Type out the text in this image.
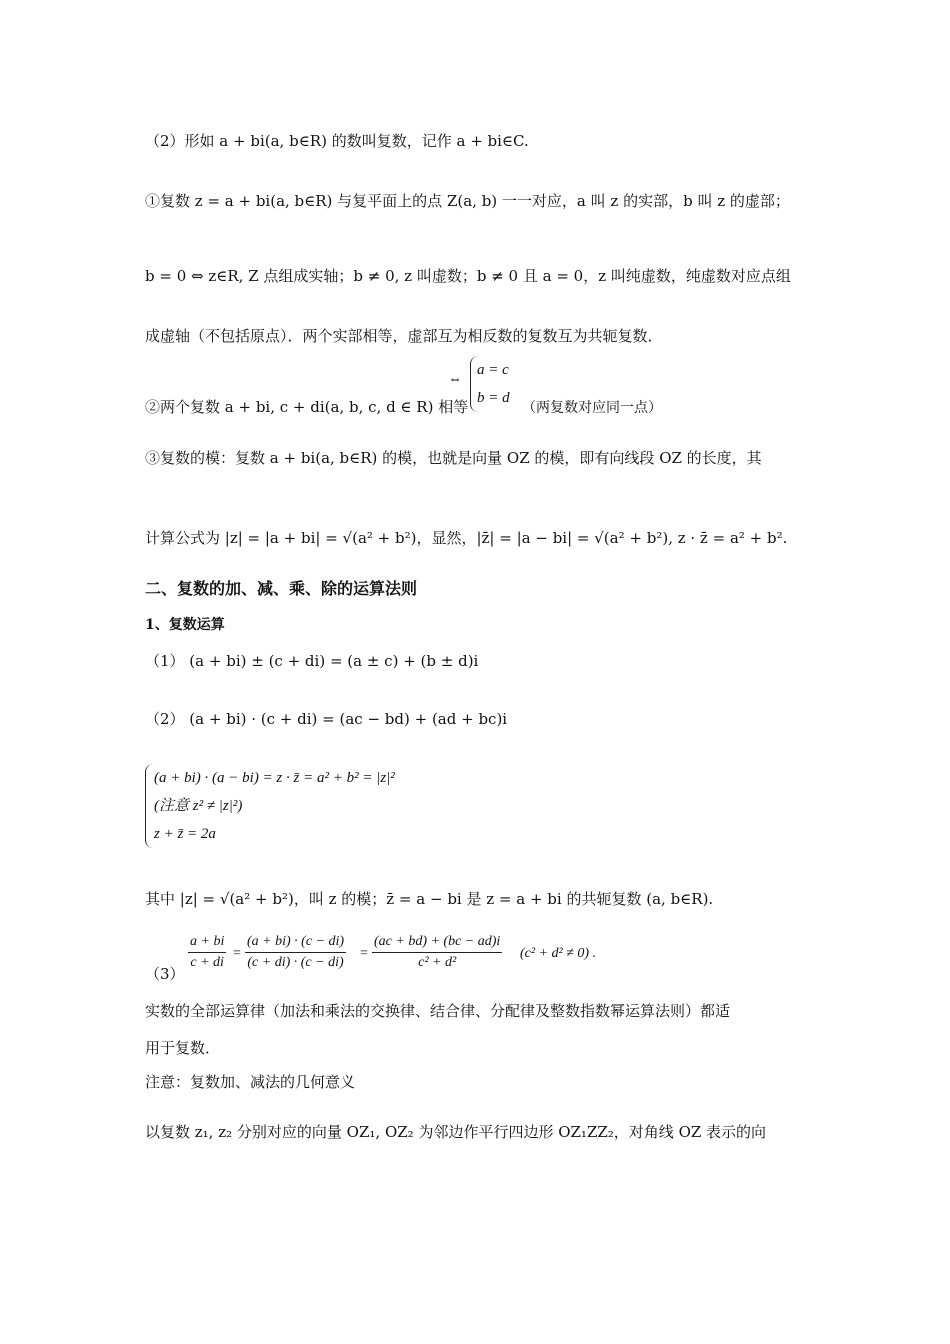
（2）形如 a + bi(a, b∈R) 的数叫复数，记作 a + bi∈C.
①复数 z = a + bi(a, b∈R) 与复平面上的点 Z(a, b) 一一对应，a 叫 z 的实部，b 叫 z 的虚部；
b = 0 ⇔ z∈R, Z 点组成实轴；b ≠ 0, z 叫虚数；b ≠ 0 且 a = 0，z 叫纯虚数，纯虚数对应点组
成虚轴（不包括原点）．两个实部相等，虚部互为相反数的复数互为共轭复数．
②两个复数 a + bi, c + di(a, b, c, d ∈ R) 相等
⇔
a = c
b = d
（两复数对应同一点）
③复数的模：复数 a + bi(a, b∈R) 的模，也就是向量 OZ 的模，即有向线段 OZ 的长度，其
计算公式为 |z| = |a + bi| = √(a² + b²)，显然，|z̄| = |a − bi| = √(a² + b²), z · z̄ = a² + b².
二、复数的加、减、乘、除的运算法则
1、复数运算
（1） (a + bi) ± (c + di) = (a ± c) + (b ± d)i
（2） (a + bi) · (c + di) = (ac − bd) + (ad + bc)i
(a + bi) · (a − bi) = z · z̄ = a² + b² = |z|²
(注意 z² ≠ |z|²)
z + z̄ = 2a
其中 |z| = √(a² + b²)，叫 z 的模；z̄ = a − bi 是 z = a + bi 的共轭复数 (a, b∈R).
（3）
$\frac{a + bi}{c + di} = \frac{(a + bi) \cdot (c - di)}{(c + di) \cdot (c - di)} = \frac{(ac + bd) + (bc - ad)i}{\text{c² + d²}} (c^2 + d^2 \ne 0)$ .
实数的全部运算律（加法和乘法的交换律、结合律、分配律及整数指数幂运算法则）都适
用于复数．
注意：复数加、减法的几何意义
以复数 z₁, z₂ 分别对应的向量 OZ₁, OZ₂ 为邻边作平行四边形 OZ₁ZZ₂，对角线 OZ 表示的向
